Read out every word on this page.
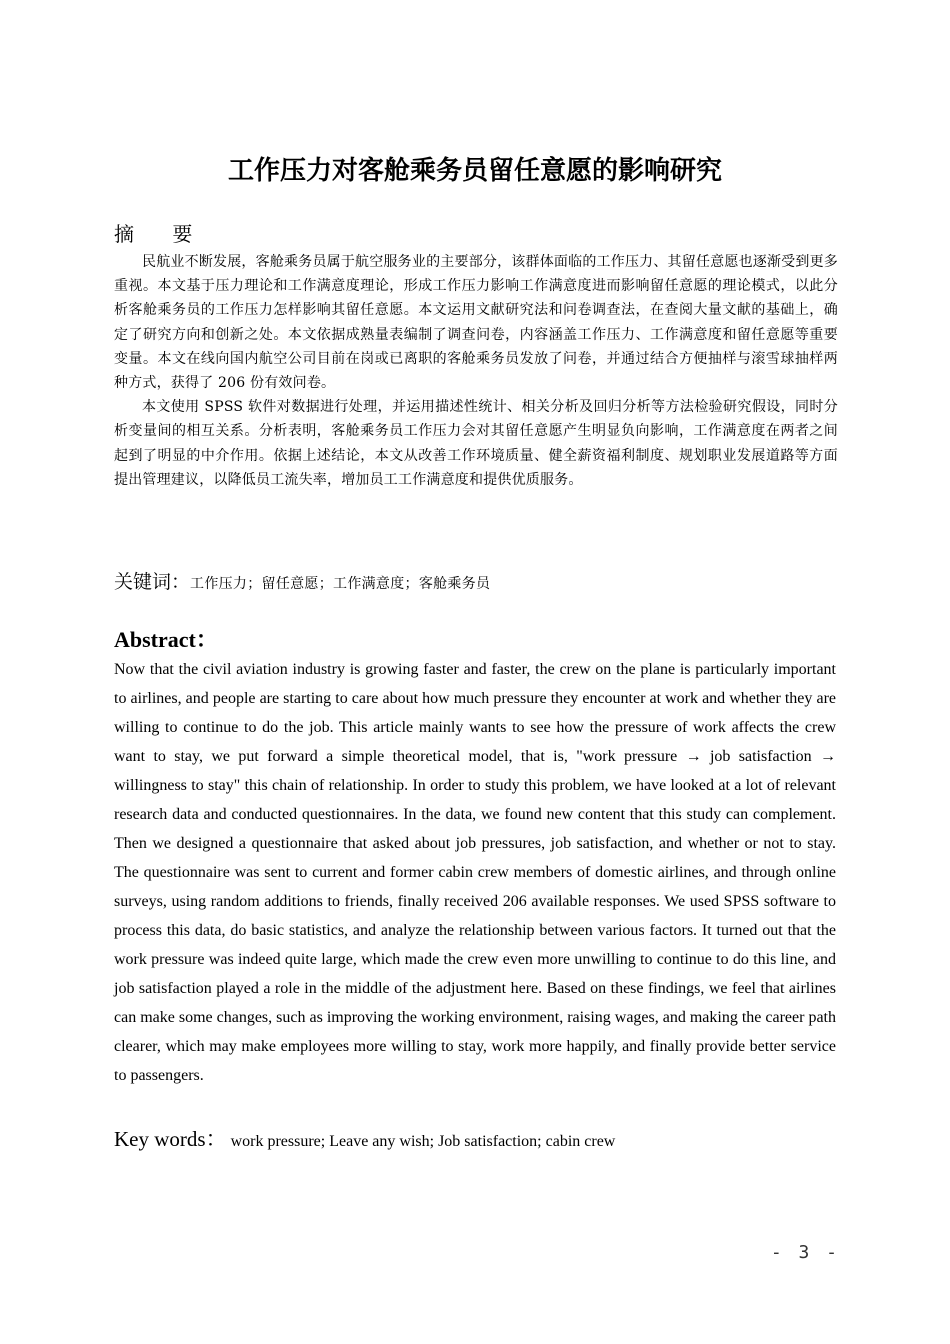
工作压力对客舱乘务员留任意愿的影响研究
摘 要

民航业不断发展，客舱乘务员属于航空服务业的主要部分，该群体面临的工作压力、其留任意愿也逐渐受到更多重视。本文基于压力理论和工作满意度理论，形成工作压力影响工作满意度进而影响留任意愿的理论模式，以此分析客舱乘务员的工作压力怎样影响其留任意愿。本文运用文献研究法和问卷调查法，在查阅大量文献的基础上，确定了研究方向和创新之处。本文依据成熟量表编制了调查问卷，内容涵盖工作压力、工作满意度和留任意愿等重要变量。本文在线向国内航空公司目前在岗或已离职的客舱乘务员发放了问卷，并通过结合方便抽样与滚雪球抽样两种方式，获得了 206 份有效问卷。

本文使用 SPSS 软件对数据进行处理，并运用描述性统计、相关分析及回归分析等方法检验研究假设，同时分析变量间的相互关系。分析表明，客舱乘务员工作压力会对其留任意愿产生明显负向影响，工作满意度在两者之间起到了明显的中介作用。依据上述结论，本文从改善工作环境质量、健全薪资福利制度、规划职业发展道路等方面提出管理建议，以降低员工流失率，增加员工工作满意度和提供优质服务。

关键词：工作压力；留任意愿；工作满意度；客舱乘务员
Abstract：

Now that the civil aviation industry is growing faster and faster, the crew on the plane is particularly important to airlines, and people are starting to care about how much pressure they encounter at work and whether they are willing to continue to do the job. This article mainly wants to see how the pressure of work affects the crew want to stay, we put forward a simple theoretical model, that is, "work pressure → job satisfaction → willingness to stay" this chain of relationship. In order to study this problem, we have looked at a lot of relevant research data and conducted questionnaires. In the data, we found new content that this study can complement. Then we designed a questionnaire that asked about job pressures, job satisfaction, and whether or not to stay. The questionnaire was sent to current and former cabin crew members of domestic airlines, and through online surveys, using random additions to friends, finally received 206 available responses. We used SPSS software to process this data, do basic statistics, and analyze the relationship between various factors. It turned out that the work pressure was indeed quite large, which made the crew even more unwilling to continue to do this line, and job satisfaction played a role in the middle of the adjustment here. Based on these findings, we feel that airlines can make some changes, such as improving the working environment, raising wages, and making the career path clearer, which may make employees more willing to stay, work more happily, and finally provide better service to passengers.

Key words： work pressure; Leave any wish; Job satisfaction; cabin crew
- 3 -
